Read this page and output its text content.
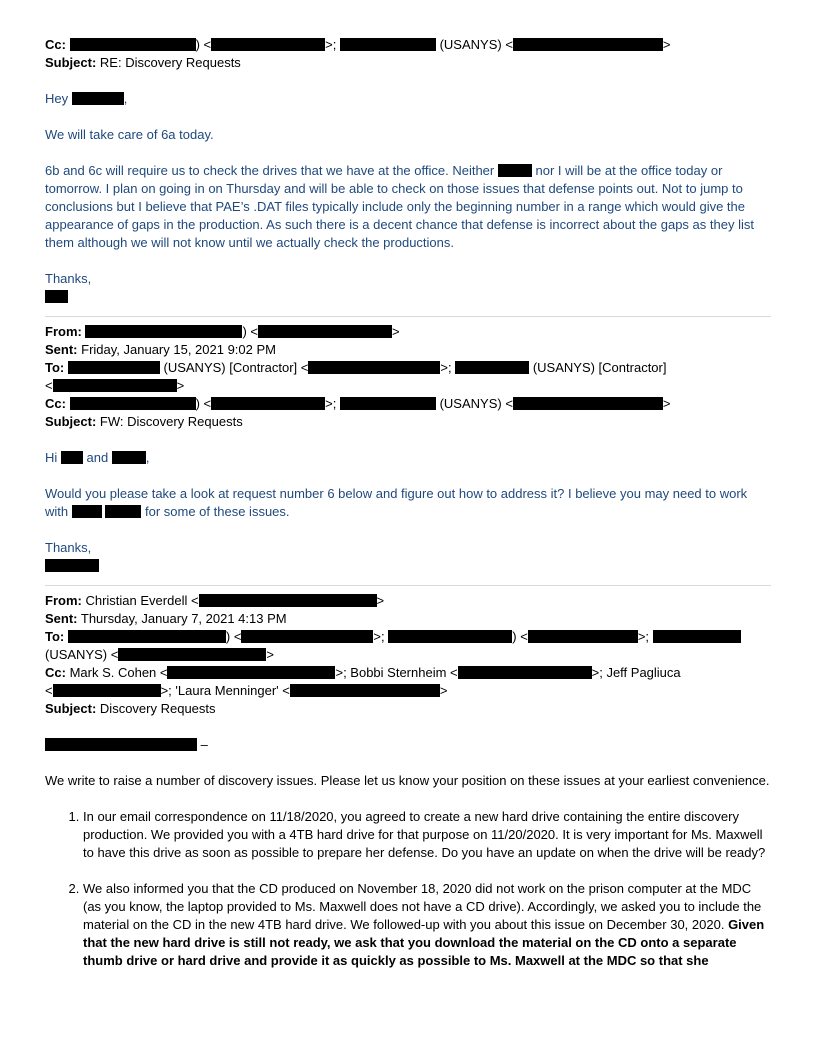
Cc:	) <	>;	(USANYS) <	>
Subject: RE: Discovery Requests
Hey	,
We will take care of 6a today.
6b and 6c will require us to check the drives that we have at the office. Neither	nor I will be at the office today or tomorrow. I plan on going in on Thursday and will be able to check on those issues that defense points out. Not to jump to conclusions but I believe that PAE’s .DAT files typically include only the beginning number in a range which would give the appearance of gaps in the production. As such there is a decent chance that defense is incorrect about the gaps as they list them although we will not know until we actually check the productions.
Thanks,
From:	) <	>
Sent: Friday, January 15, 2021 9:02 PM
To:	(USANYS) [Contractor] <	>;	(USANYS) [Contractor]
<	>
Cc:	) <	>;	(USANYS) <	>
Subject: FW: Discovery Requests
Hi and	,
Would you please take a look at request number 6 below and figure out how to address it? I believe you may need to work with	for some of these issues.
Thanks,
From: Christian Everdell <	>
Sent: Thursday, January 7, 2021 4:13 PM
To:	) <	>;	) <	>;
(USANYS) <	>
Cc: Mark S. Cohen <	>; Bobbi Sternheim <	>; Jeff Pagliuca
<	>; 'Laura Menninger' <	>
Subject: Discovery Requests
–
We write to raise a number of discovery issues. Please let us know your position on these issues at your earliest convenience.
1. In our email correspondence on 11/18/2020, you agreed to create a new hard drive containing the entire discovery production. We provided you with a 4TB hard drive for that purpose on 11/20/2020. It is very important for Ms. Maxwell to have this drive as soon as possible to prepare her defense. Do you have an update on when the drive will be ready?
2. We also informed you that the CD produced on November 18, 2020 did not work on the prison computer at the MDC (as you know, the laptop provided to Ms. Maxwell does not have a CD drive). Accordingly, we asked you to include the material on the CD in the new 4TB hard drive. We followed-up with you about this issue on December 30, 2020. Given that the new hard drive is still not ready, we ask that you download the material on the CD onto a separate thumb drive or hard drive and provide it as quickly as possible to Ms. Maxwell at the MDC so that she
